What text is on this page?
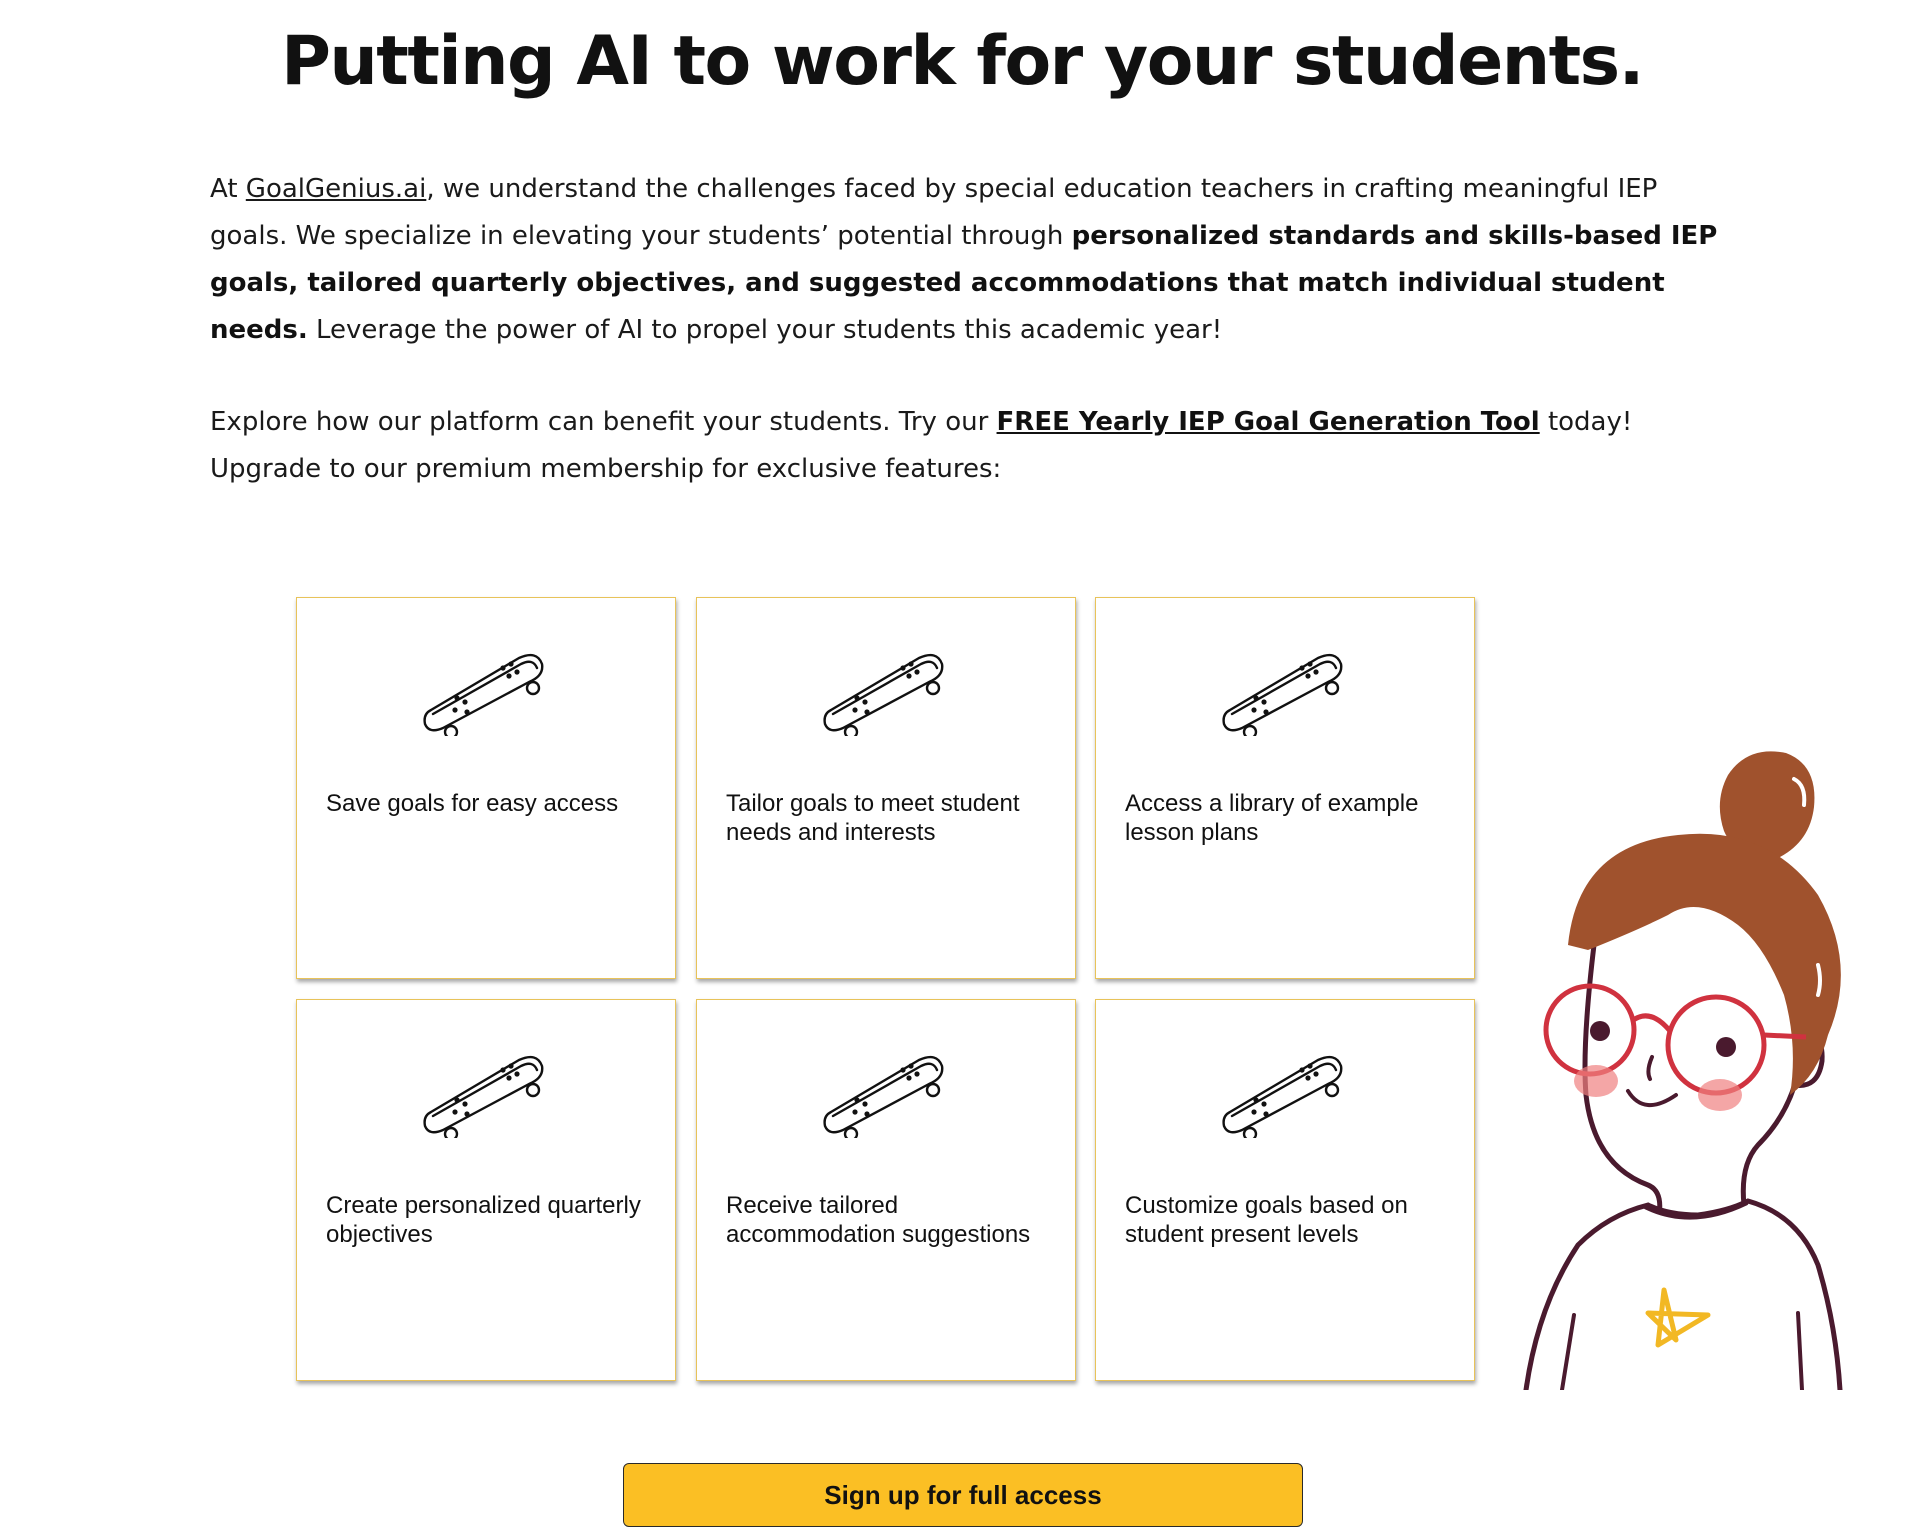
Putting AI to work for your students.

At GoalGenius.ai, we understand the challenges faced by special education teachers in crafting meaningful IEP goals. We specialize in elevating your students’ potential through personalized standards and skills-based IEP goals, tailored quarterly objectives, and suggested accommodations that match individual student needs. Leverage the power of AI to propel your students this academic year!

Explore how our platform can benefit your students. Try our FREE Yearly IEP Goal Generation Tool today! Upgrade to our premium membership for exclusive features:

Save goals for easy access	Tailor goals to meet student needs and interests
Access a library of example lesson plans
Create personalized quarterly objectives
Receive tailored accommodation suggestions
Customize goals based on student present levels
Sign up for full access
